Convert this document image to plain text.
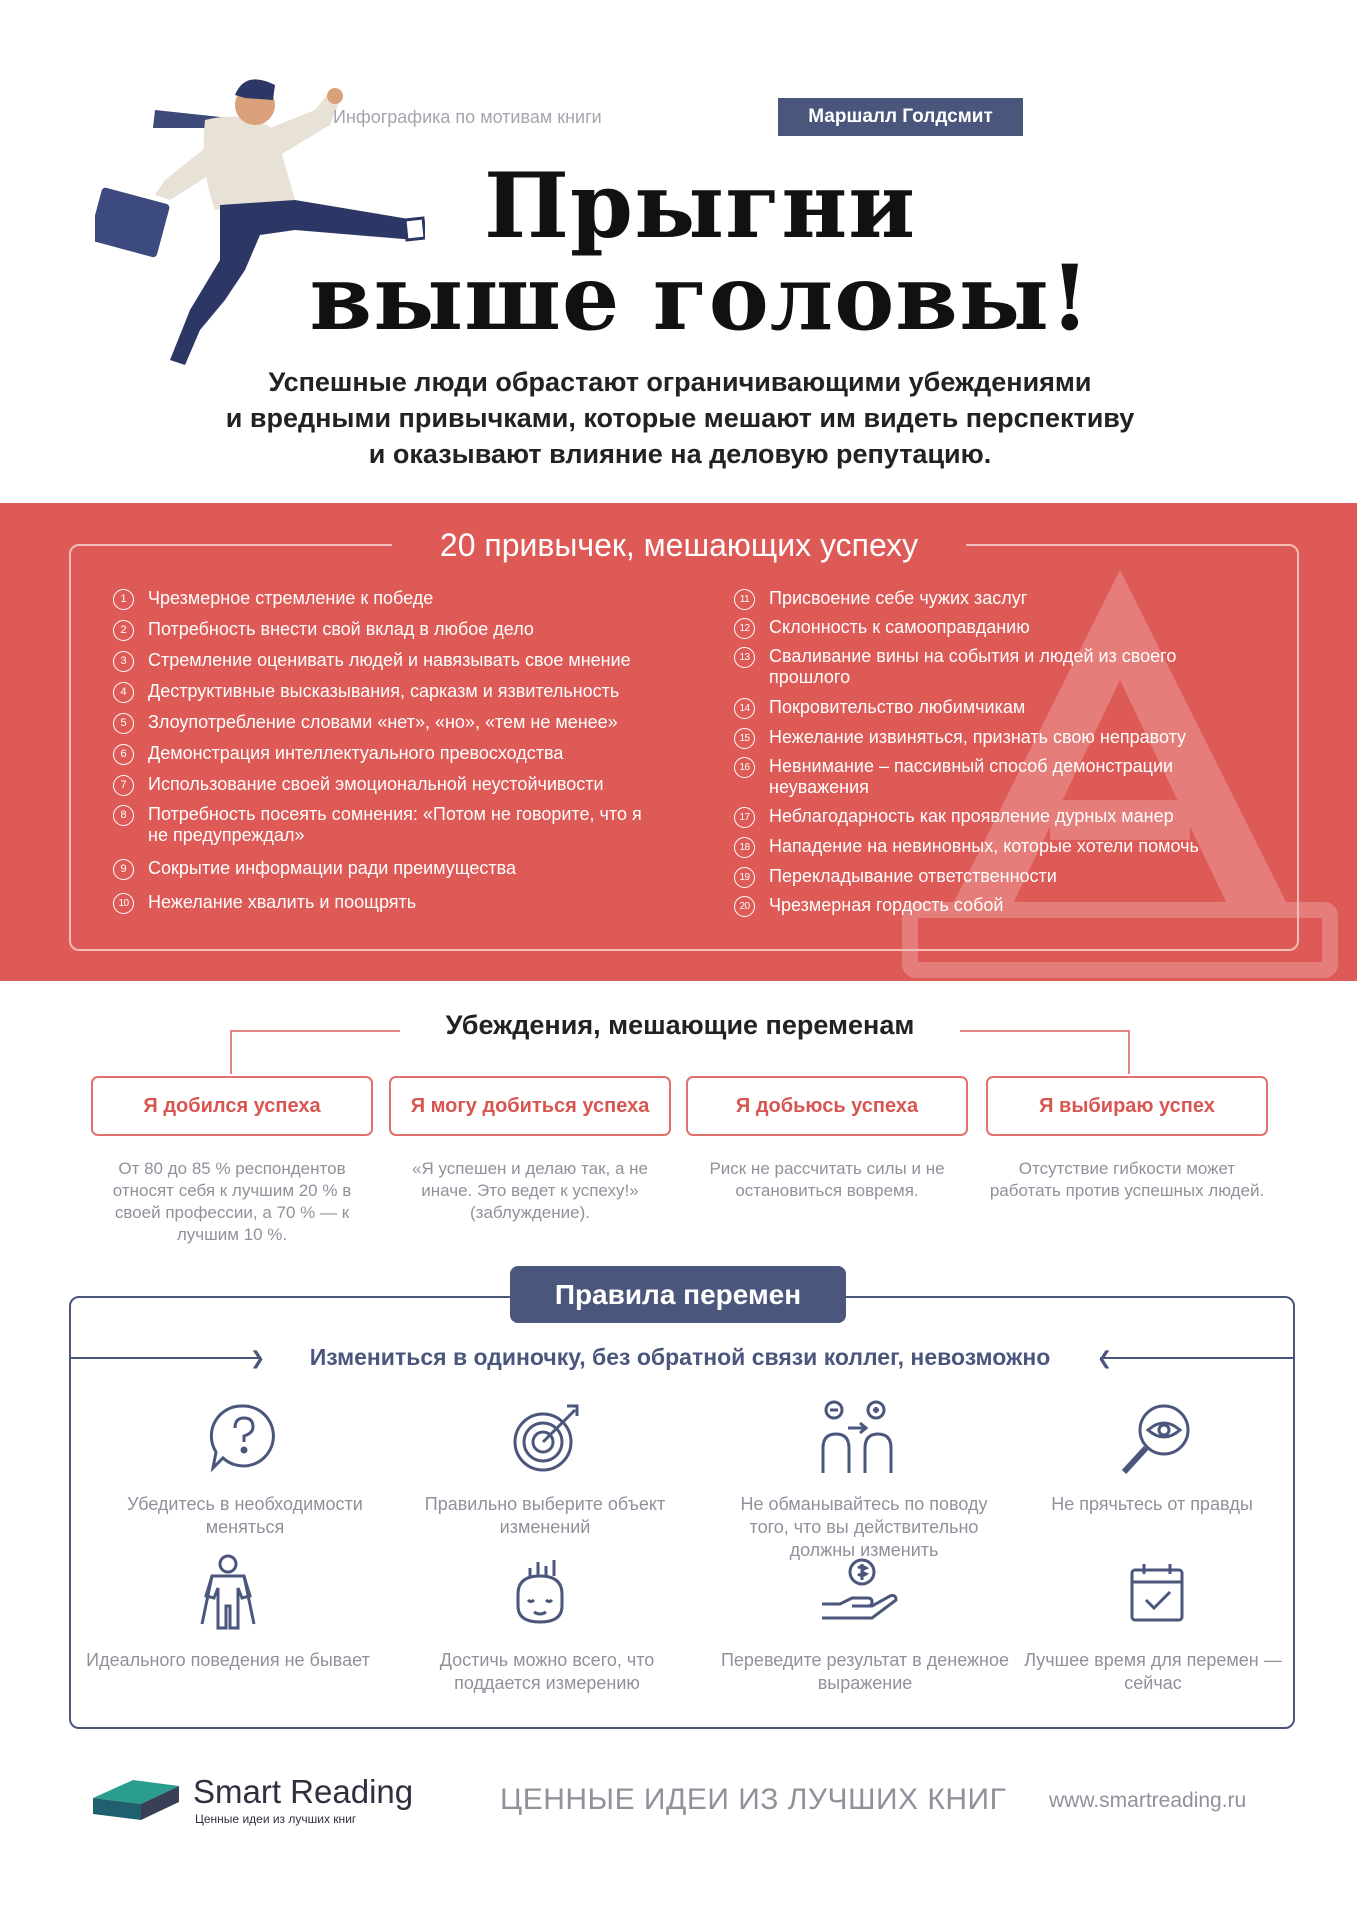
Инфографика по мотивам книги	Маршалл Голдсмит
Прыгни
выше головы!
Успешные люди обрастают ограничивающими убеждениями
и вредными привычками, которые мешают им видеть перспективу
и оказывают влияние на деловую репутацию.
20 привычек, мешающих успеху
1	Чрезмерное стремление к победе
2	Потребность внести свой вклад в любое дело
3	Стремление оценивать людей и навязывать свое мнение
4	Деструктивные высказывания, сарказм и язвительность
5	Злоупотребление словами «нет», «но», «тем не менее»
6	Демонстрация интеллектуального превосходства
7	Использование своей эмоциональной неустойчивости
8	Потребность посеять сомнения: «Потом не говорите, что я не предупреждал»
9	Сокрытие информации ради преимущества
10	Нежелание хвалить и поощрять
11	Присвоение себе чужих заслуг
12	Склонность к самооправданию
13	Сваливание вины на события и людей из своего прошлого
14	Покровительство любимчикам
15	Нежелание извиняться, признать свою неправоту
16	Невнимание – пассивный способ демонстрации неуважения
17	Неблагодарность как проявление дурных манер
18	Нападение на невиновных, которые хотели помочь
19	Перекладывание ответственности
20	Чрезмерная гордость собой
Убеждения, мешающие переменам
Я добился успеха	Я могу добиться успеха	Я добьюсь успеха	Я выбираю успех
От 80 до 85 % респондентов относят себя к лучшим 20 % в своей профессии, а 70 % — к лучшим 10 %.
«Я успешен и делаю так, а не иначе. Это ведет к успеху!» (заблуждение).
Риск не рассчитать силы и не остановиться вовремя.
Отсутствие гибкости может работать против успешных людей.
Правила перемен
❯	❮
Измениться в одиночку, без обратной связи коллег, невозможно
Убедитесь в необходимости меняться
Правильно выберите объект изменений
Не обманывайтесь по поводу того, что вы действительно должны изменить
Не прячьтесь от правды
Идеального поведения не бывает	Достичь можно всего, что поддается измерению
Переведите результат в денежное выражение
Лучшее время для перемен — сейчас
Smart Reading
Ценные идеи из лучших книг
ЦЕННЫЕ ИДЕИ ИЗ ЛУЧШИХ КНИГ www.smartreading.ru
